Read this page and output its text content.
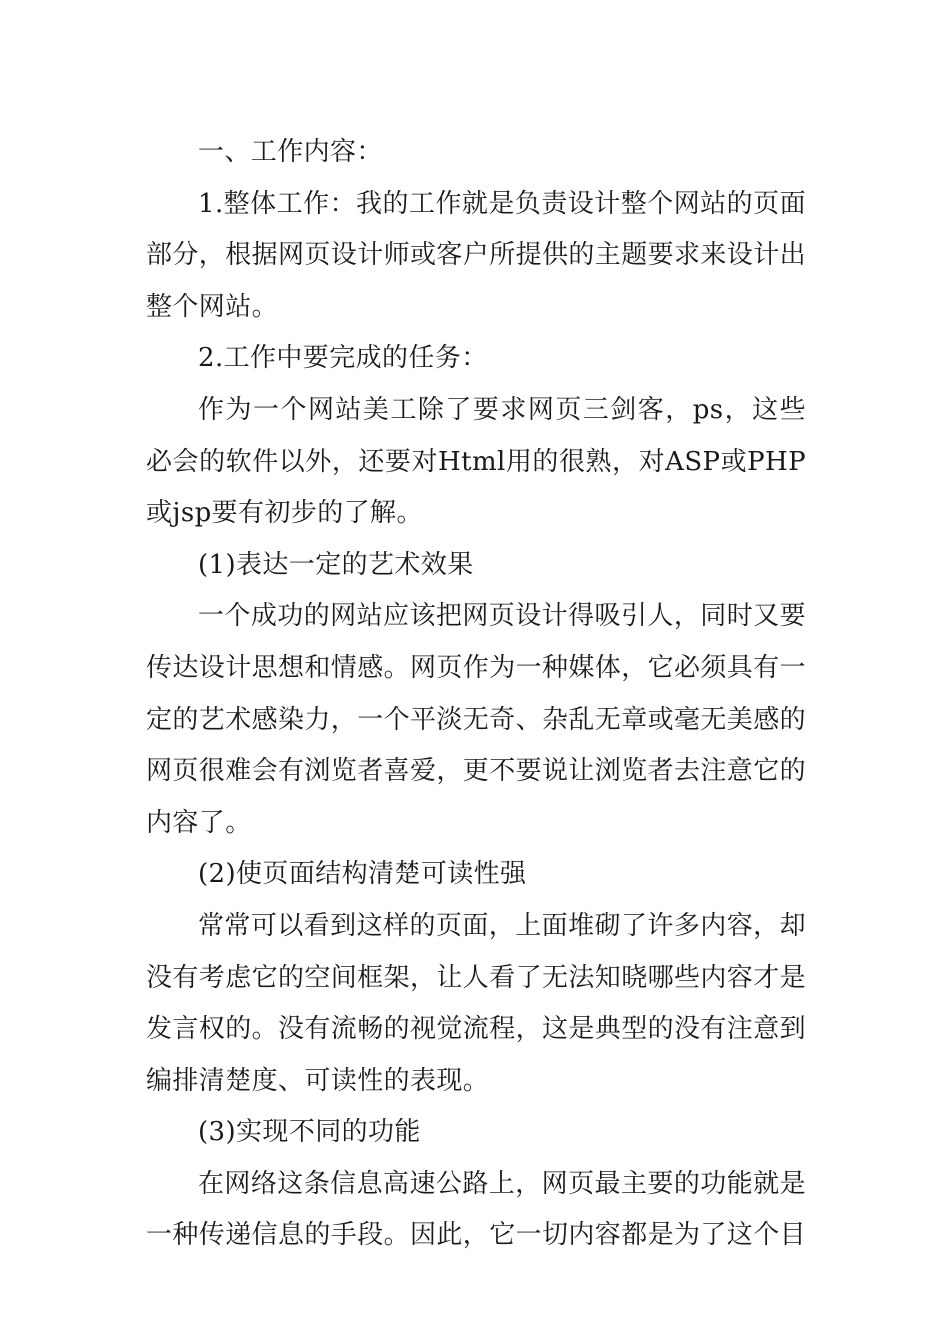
一、工作内容：

1.整体工作：我的工作就是负责设计整个网站的页面部分，根据网页设计师或客户所提供的主题要求来设计出整个网站。

2.工作中要完成的任务：

作为一个网站美工除了要求网页三剑客，ps，这些必会的软件以外，还要对Html用的很熟，对ASP或PHP或jsp要有初步的了解。

(1)表达一定的艺术效果

一个成功的网站应该把网页设计得吸引人，同时又要传达设计思想和情感。网页作为一种媒体，它必须具有一定的艺术感染力，一个平淡无奇、杂乱无章或毫无美感的网页很难会有浏览者喜爱，更不要说让浏览者去注意它的内容了。

(2)使页面结构清楚可读性强

常常可以看到这样的页面，上面堆砌了许多内容，却没有考虑它的空间框架，让人看了无法知晓哪些内容才是发言权的。没有流畅的视觉流程，这是典型的没有注意到编排清楚度、可读性的表现。

(3)实现不同的功能

在网络这条信息高速公路上，网页最主要的功能就是一种传递信息的手段。因此，它一切内容都是为了这个目
